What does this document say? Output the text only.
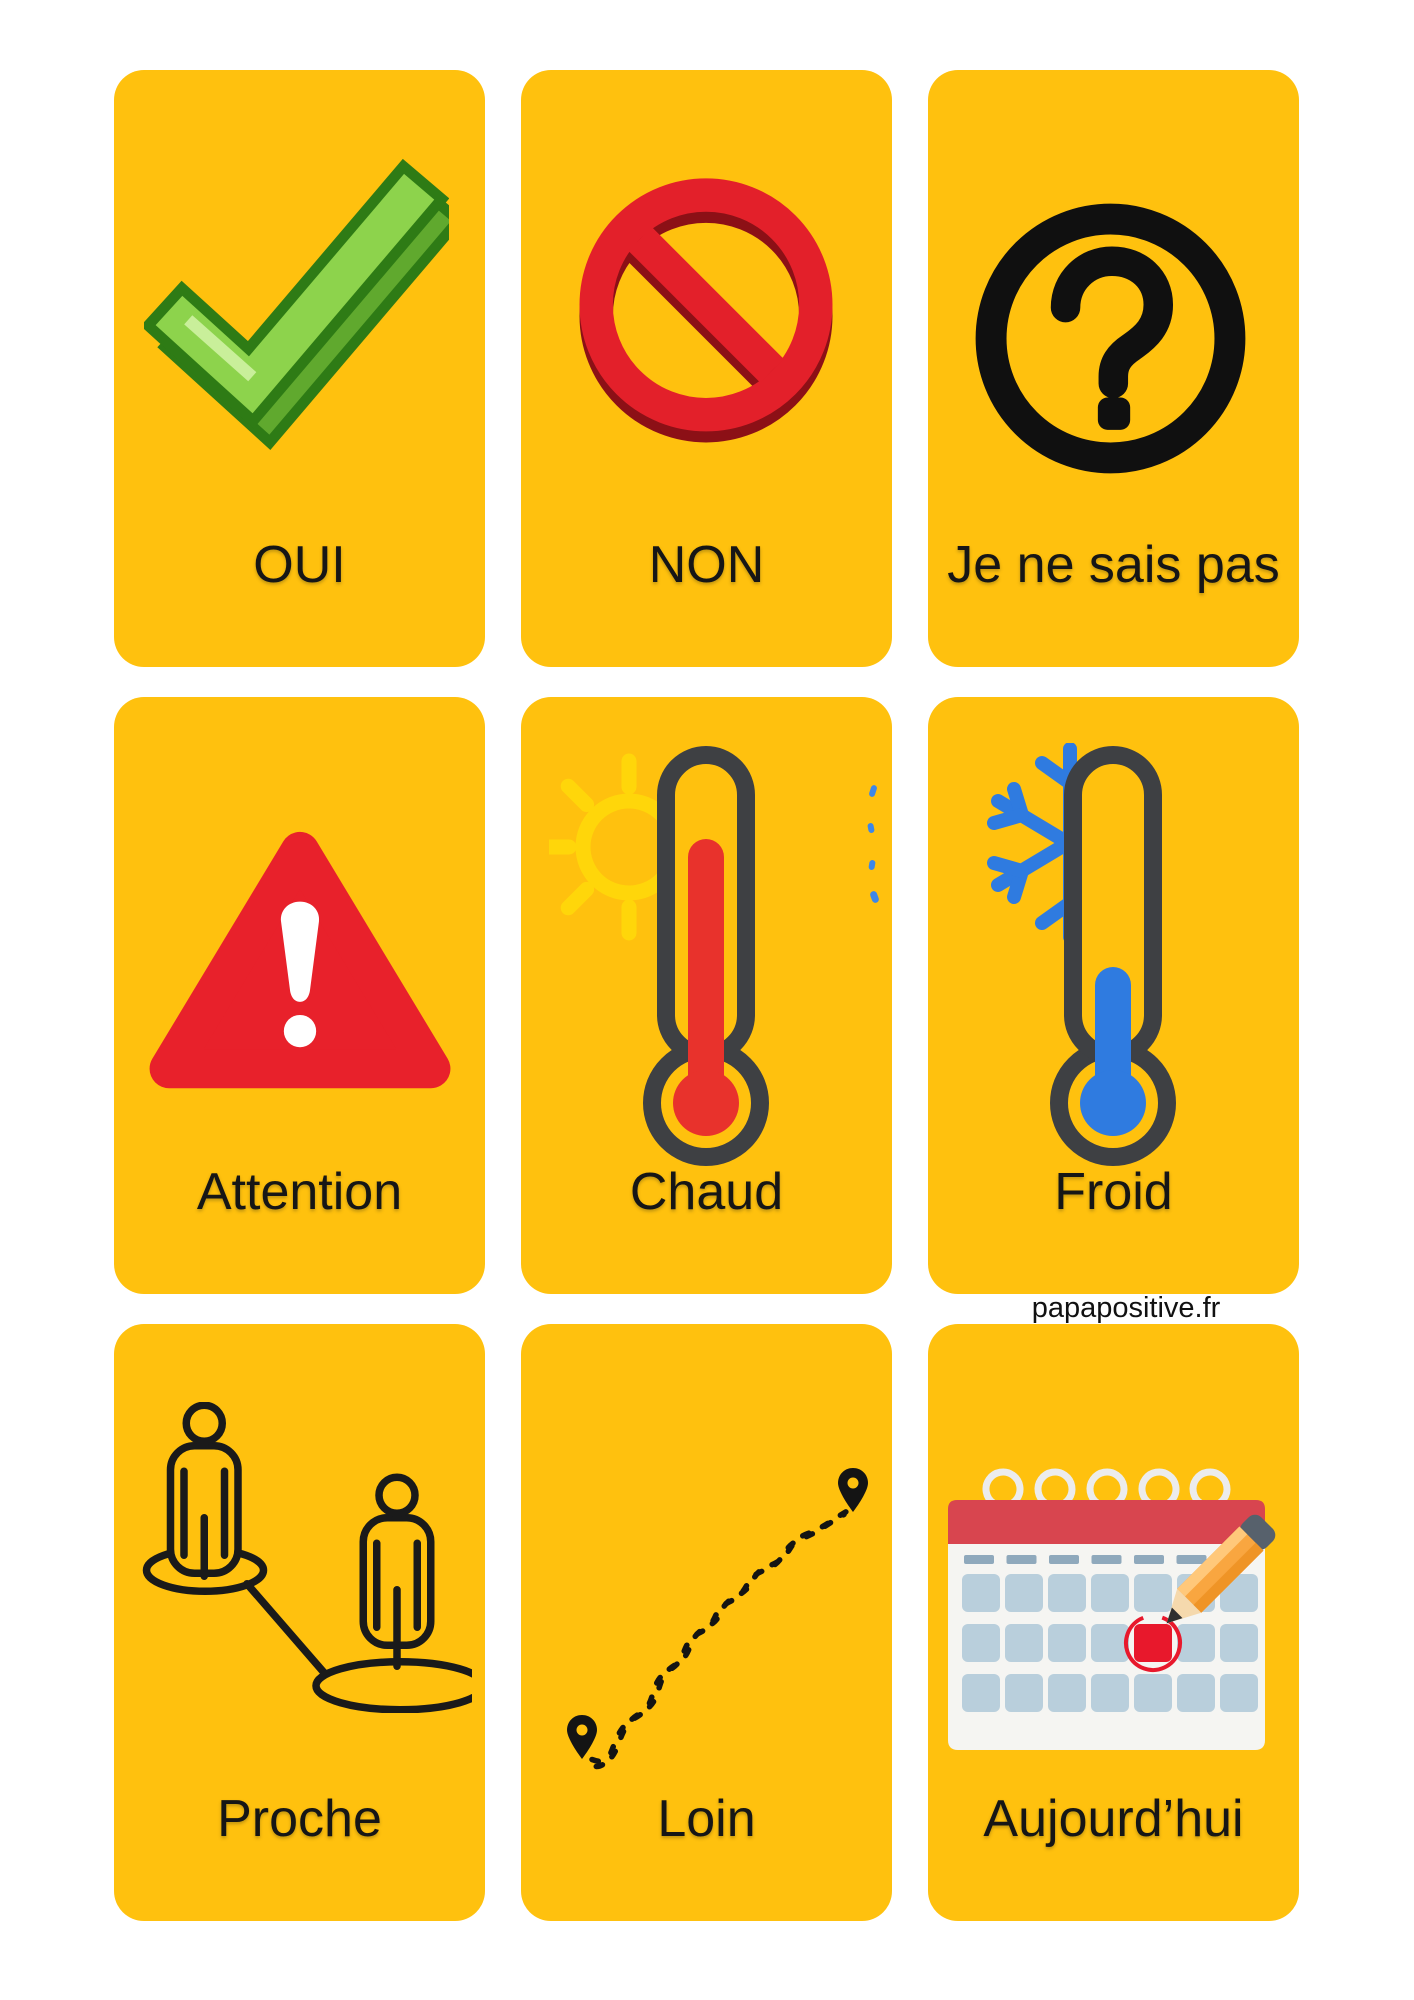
OUI	NON	Je ne sais pas
Attention	Chaud	Froid
Proche	Loin	Aujourd’hui
papapositive.fr
